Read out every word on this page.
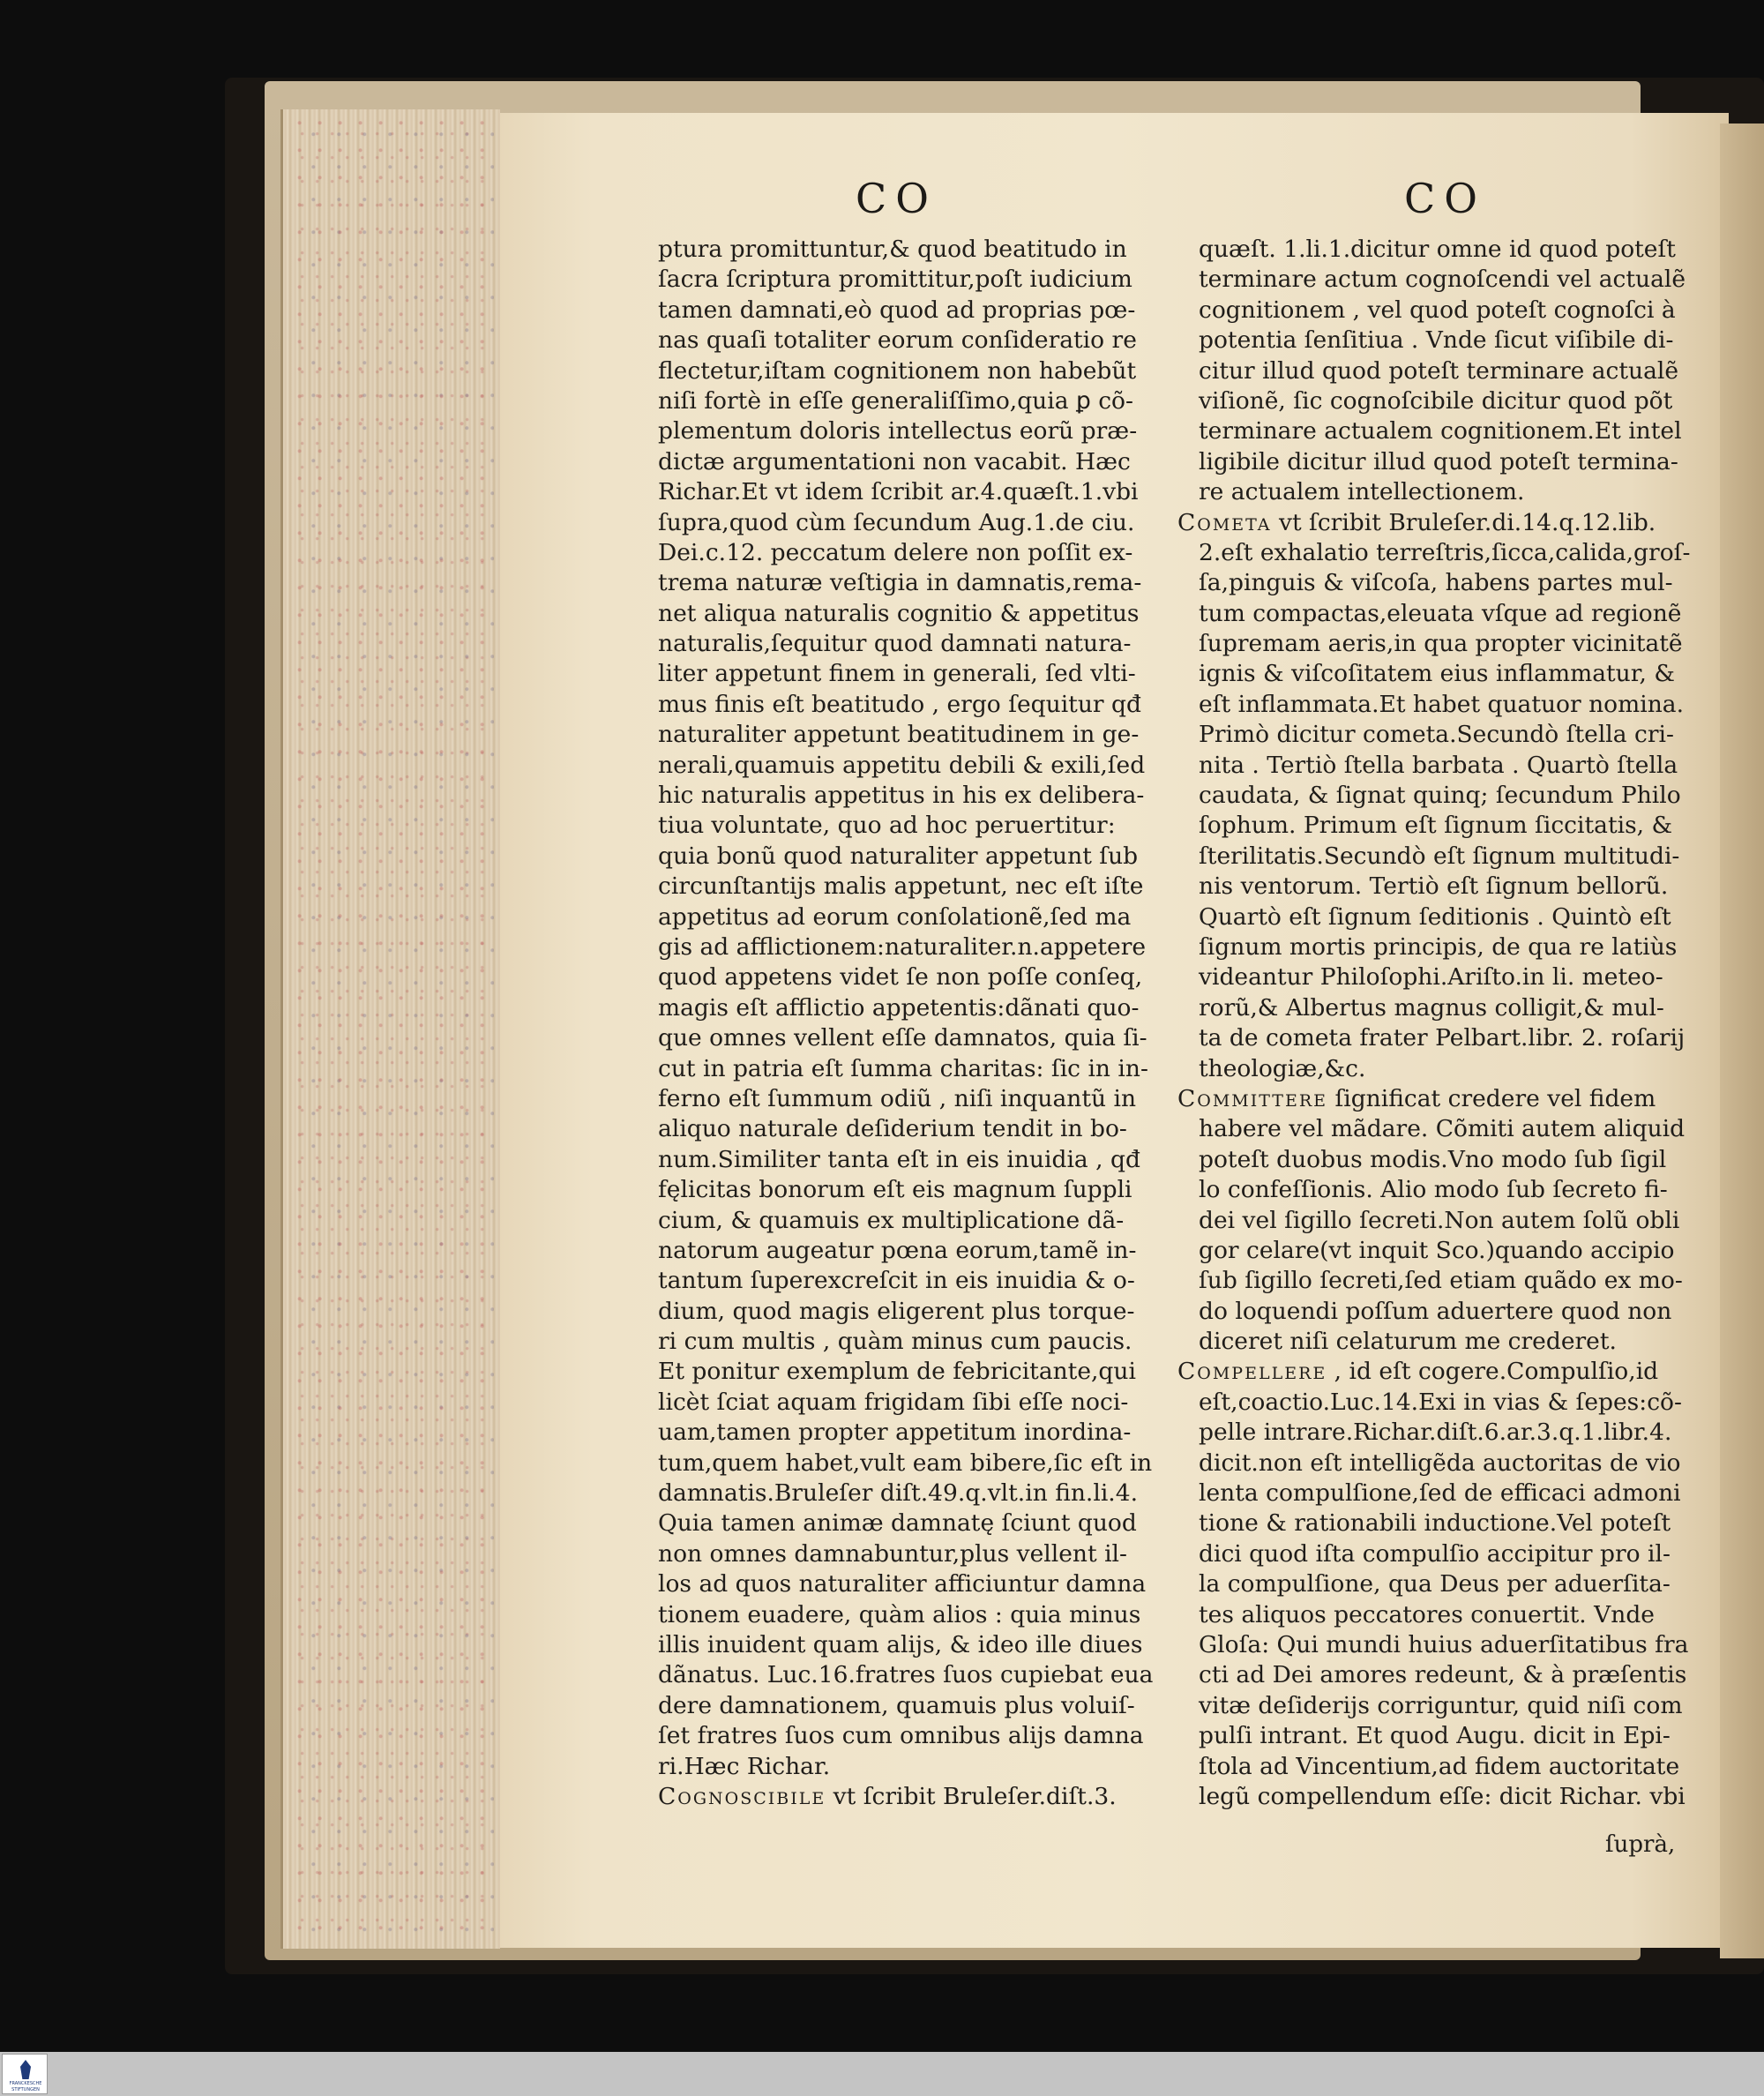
CO	CO
ptura promittuntur,& quod beatitudo in
ſacra ſcriptura promittitur,poſt iudicium
tamen damnati,eò quod ad proprias pœ-
nas quaſi totaliter eorum conſideratio re
flectetur,iſtam cognitionem non habebũt
niſi fortè in eſſe generaliſſimo,quia ꝑ cõ-
plementum doloris intellectus eorũ præ-
dictæ argumentationi non vacabit. Hæc
Richar.Et vt idem ſcribit ar.4.quæſt.1.vbi
ſupra,quod cùm ſecundum Aug.1.de ciu.
Dei.c.12. peccatum delere non poſſit ex-
trema naturæ veſtigia in damnatis,rema-
net aliqua naturalis cognitio & appetitus
naturalis,ſequitur quod damnati natura-
liter appetunt finem in generali, ſed vlti-
mus finis eſt beatitudo , ergo ſequitur qđ
naturaliter appetunt beatitudinem in ge-
nerali,quamuis appetitu debili & exili,ſed
hic naturalis appetitus in his ex delibera-
tiua voluntate, quo ad hoc peruertitur:
quia bonũ quod naturaliter appetunt ſub
circunſtantijs malis appetunt, nec eſt iſte
appetitus ad eorum conſolationẽ,ſed ma
gis ad afflictionem:naturaliter.n.appetere
quod appetens videt ſe non poſſe conſeq,
magis eſt afflictio appetentis:dãnati quo-
que omnes vellent eſſe damnatos, quia ſi-
cut in patria eſt ſumma charitas: ſic in in-
ferno eſt ſummum odiũ , niſi inquantũ in
aliquo naturale deſiderium tendit in bo-
num.Similiter tanta eſt in eis inuidia , qđ
fęlicitas bonorum eſt eis magnum ſuppli
cium, & quamuis ex multiplicatione dã-
natorum augeatur pœna eorum,tamẽ in-
tantum ſuperexcreſcit in eis inuidia & o-
dium, quod magis eligerent plus torque-
ri cum multis , quàm minus cum paucis.
Et ponitur exemplum de febricitante,qui
licèt ſciat aquam frigidam ſibi eſſe noci-
uam,tamen propter appetitum inordina-
tum,quem habet,vult eam bibere,ſic eſt in
damnatis.Bruleſer diſt.49.q.vlt.in fin.li.4.
Quia tamen animæ damnatę ſciunt quod
non omnes damnabuntur,plus vellent il-
los ad quos naturaliter afficiuntur damna
tionem euadere, quàm alios : quia minus
illis inuident quam alijs, & ideo ille diues
dãnatus. Luc.16.fratres ſuos cupiebat eua
dere damnationem, quamuis plus voluiſ-
ſet fratres ſuos cum omnibus alijs damna
ri.Hæc Richar.
Cognoscibile vt ſcribit Bruleſer.diſt.3.
quæſt. 1.li.1.dicitur omne id quod poteſt
terminare actum cognoſcendi vel actualẽ
cognitionem , vel quod poteſt cognoſci à
potentia ſenſitiua . Vnde ſicut viſibile di-
citur illud quod poteſt terminare actualẽ
viſionẽ, ſic cognoſcibile dicitur quod põt
terminare actualem cognitionem.Et intel
ligibile dicitur illud quod poteſt termina-
re actualem intellectionem.
Cometa vt ſcribit Bruleſer.di.14.q.12.lib.
2.eſt exhalatio terreſtris,ſicca,calida,groſ-
ſa,pinguis & viſcoſa, habens partes mul-
tum compactas,eleuata vſque ad regionẽ
ſupremam aeris,in qua propter vicinitatẽ
ignis & viſcoſitatem eius inflammatur, &
eſt inflammata.Et habet quatuor nomina.
Primò dicitur cometa.Secundò ſtella cri-
nita . Tertiò ſtella barbata . Quartò ſtella
caudata, & ſignat quinq; ſecundum Philo
ſophum. Primum eſt ſignum ſiccitatis, &
ſterilitatis.Secundò eſt ſignum multitudi-
nis ventorum. Tertiò eſt ſignum bellorũ.
Quartò eſt ſignum ſeditionis . Quintò eſt
ſignum mortis principis, de qua re latiùs
videantur Philoſophi.Ariſto.in li. meteo-
rorũ,& Albertus magnus colligit,& mul-
ta de cometa frater Pelbart.libr. 2. roſarij
theologiæ,&c.
Committere ſignificat credere vel fidem
habere vel mãdare. Cõmiti autem aliquid
poteſt duobus modis.Vno modo ſub ſigil
lo confeſſionis. Alio modo ſub ſecreto fi-
dei vel ſigillo ſecreti.Non autem ſolũ obli
gor celare(vt inquit Sco.)quando accipio
ſub ſigillo ſecreti,ſed etiam quãdo ex mo-
do loquendi poſſum aduertere quod non
diceret niſi celaturum me crederet.
Compellere , id eſt cogere.Compulſio,id
eſt,coactio.Luc.14.Exi in vias & ſepes:cõ-
pelle intrare.Richar.diſt.6.ar.3.q.1.libr.4.
dicit.non eſt intelligẽda auctoritas de vio
lenta compulſione,ſed de efficaci admoni
tione & rationabili inductione.Vel poteſt
dici quod iſta compulſio accipitur pro il-
la compulſione, qua Deus per aduerſita-
tes aliquos peccatores conuertit. Vnde
Gloſa: Qui mundi huius aduerſitatibus fra
cti ad Dei amores redeunt, & à præſentis
vitæ deſiderijs corriguntur, quid niſi com
pulſi intrant. Et quod Augu. dicit in Epi-
ſtola ad Vincentium,ad fidem auctoritate
legũ compellendum eſſe: dicit Richar. vbi
ſuprà,
FRANCKESCHE
STIFTUNGEN
